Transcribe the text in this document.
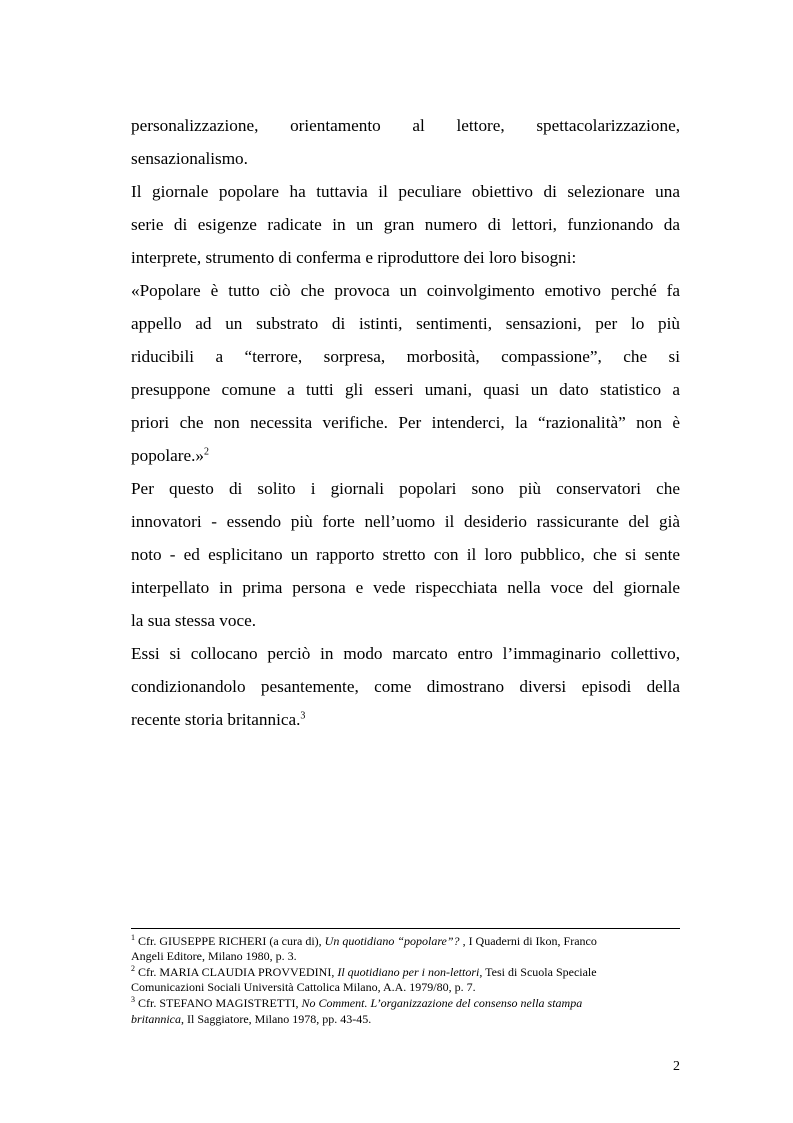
personalizzazione, orientamento al lettore, spettacolarizzazione,
sensazionalismo.
Il giornale popolare ha tuttavia il peculiare obiettivo di selezionare una
serie di esigenze radicate in un gran numero di lettori, funzionando da
interprete, strumento di conferma e riproduttore dei loro bisogni:
«Popolare è tutto ciò che provoca un coinvolgimento emotivo perché fa
appello ad un substrato di istinti, sentimenti, sensazioni, per lo più
riducibili a “terrore, sorpresa, morbosità, compassione”, che si
presuppone comune a tutti gli esseri umani, quasi un dato statistico a
priori che non necessita verifiche. Per intenderci, la “razionalità” non è
popolare.»$^2$
Per questo di solito i giornali popolari sono più conservatori che
innovatori - essendo più forte nell’uomo il desiderio rassicurante del già
noto - ed esplicitano un rapporto stretto con il loro pubblico, che si sente
interpellato in prima persona e vede rispecchiata nella voce del giornale
la sua stessa voce.
Essi si collocano perciò in modo marcato entro l’immaginario collettivo,
condizionandolo pesantemente, come dimostrano diversi episodi della
recente storia britannica.$^3$
$^1$ Cfr. GIUSEPPE RICHERI (a cura di), Un quotidiano “popolare”? , I Quaderni di Ikon, Franco
Angeli Editore, Milano 1980, p. 3.
$^2$ Cfr. MARIA CLAUDIA PROVVEDINI, Il quotidiano per i non-lettori, Tesi di Scuola Speciale
Comunicazioni Sociali Università Cattolica Milano, A.A. 1979/80, p. 7.
$^3$ Cfr. STEFANO MAGISTRETTI, No Comment. L’organizzazione del consenso nella stampa
britannica, Il Saggiatore, Milano 1978, pp. 43-45.
2
